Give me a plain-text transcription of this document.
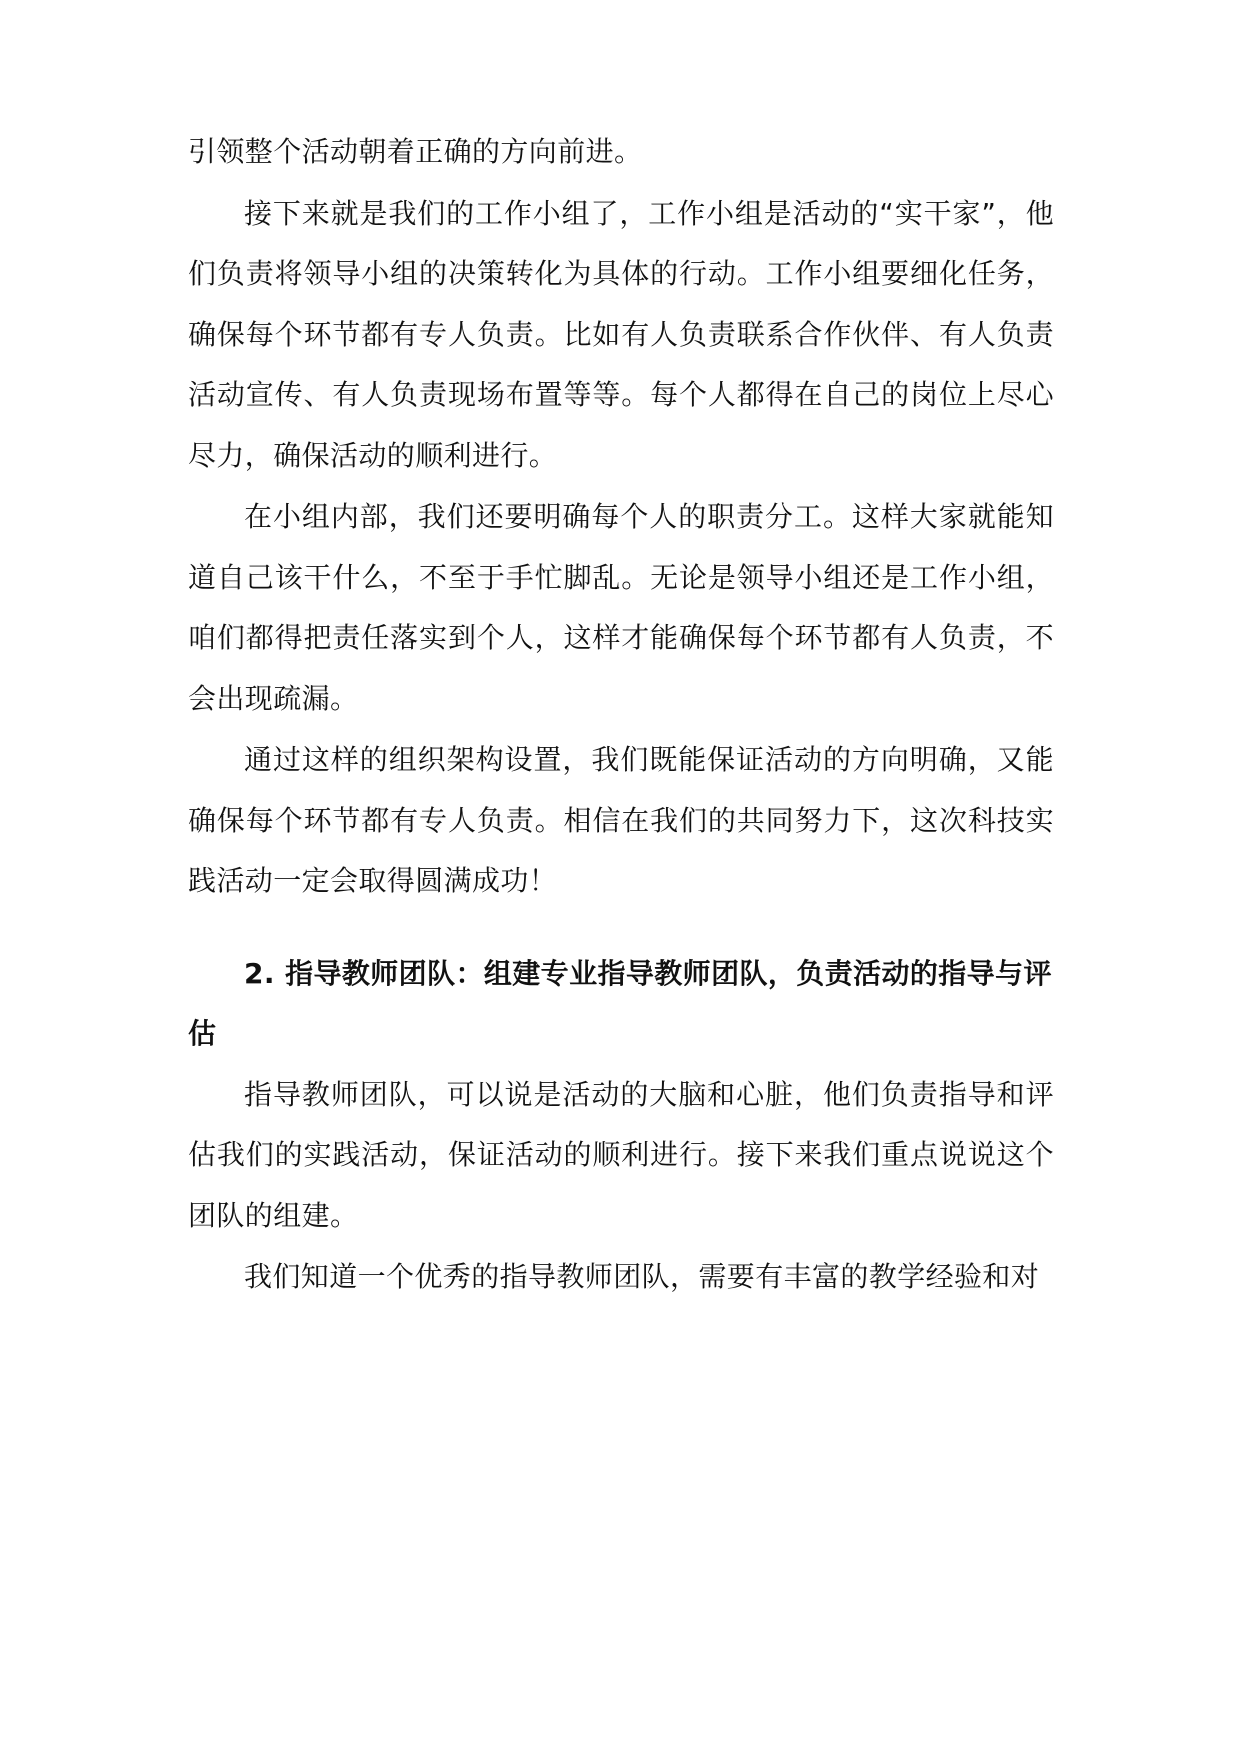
引领整个活动朝着正确的方向前进。

接下来就是我们的工作小组了，工作小组是活动的“实干家”，他们负责将领导小组的决策转化为具体的行动。工作小组要细化任务，确保每个环节都有专人负责。比如有人负责联系合作伙伴、有人负责活动宣传、有人负责现场布置等等。每个人都得在自己的岗位上尽心尽力，确保活动的顺利进行。

在小组内部，我们还要明确每个人的职责分工。这样大家就能知道自己该干什么，不至于手忙脚乱。无论是领导小组还是工作小组，咱们都得把责任落实到个人，这样才能确保每个环节都有人负责，不会出现疏漏。

通过这样的组织架构设置，我们既能保证活动的方向明确，又能确保每个环节都有专人负责。相信在我们的共同努力下，这次科技实践活动一定会取得圆满成功！

2. 指导教师团队：组建专业指导教师团队，负责活动的指导与评估

指导教师团队，可以说是活动的大脑和心脏，他们负责指导和评估我们的实践活动，保证活动的顺利进行。接下来我们重点说说这个团队的组建。

我们知道一个优秀的指导教师团队，需要有丰富的教学经验和对
